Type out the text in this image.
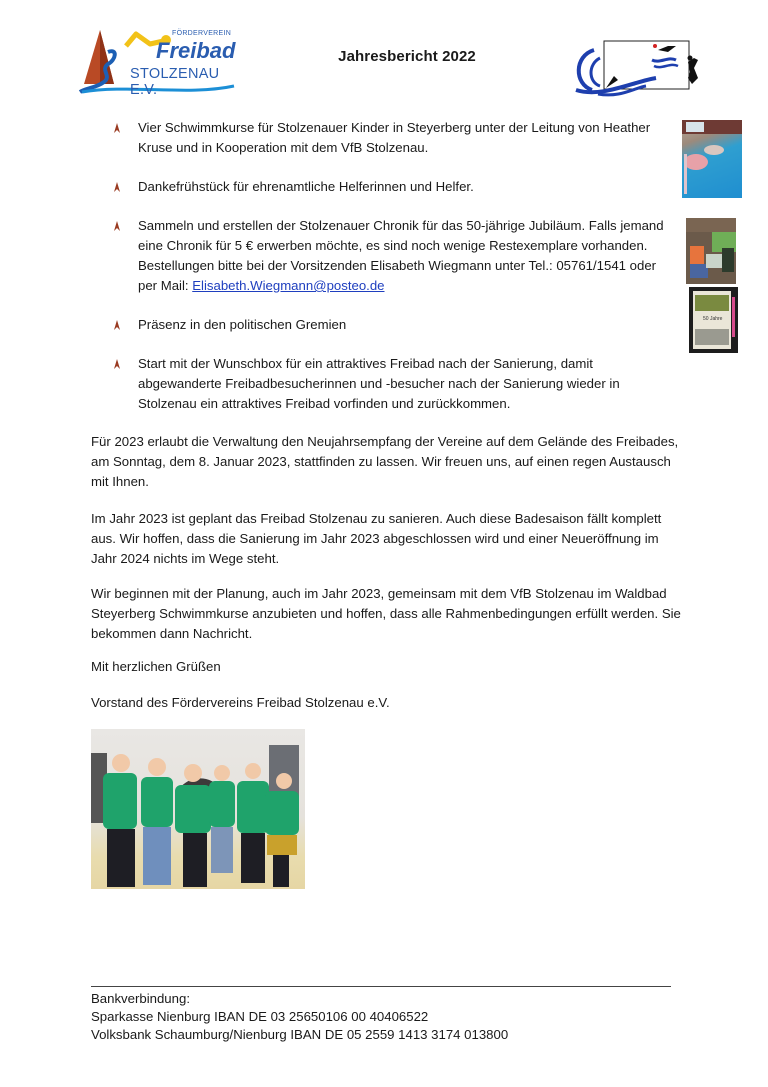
FÖRDERVEREIN
Freibad
STOLZENAU E.V.
Jahresbericht 2022
Vier Schwimmkurse für Stolzenauer Kinder in Steyerberg unter der Leitung von Heather Kruse und in Kooperation mit dem VfB Stolzenau.
Dankefrühstück für ehrenamtliche Helferinnen und Helfer.
Sammeln und erstellen der Stolzenauer Chronik für das 50-jährige Jubiläum. Falls jemand eine Chronik für 5 € erwerben möchte, es sind noch wenige Restexemplare vorhanden. Bestellungen bitte bei der Vorsitzenden Elisabeth Wiegmann unter Tel.: 05761/1541 oder per Mail: Elisabeth.Wiegmann@posteo.de
Präsenz in den politischen Gremien
Start mit der Wunschbox für ein attraktives Freibad nach der Sanierung, damit abgewanderte Freibadbesucherinnen und -besucher nach der Sanierung wieder in Stolzenau ein attraktives Freibad vorfinden und zurückkommen.
50 Jahre
Für 2023 erlaubt die Verwaltung den Neujahrsempfang der Vereine auf dem Gelände des Freibades, am Sonntag, dem 8. Januar 2023, stattfinden zu lassen. Wir freuen uns, auf einen regen Austausch mit Ihnen.
Im Jahr 2023 ist geplant das Freibad Stolzenau zu sanieren. Auch diese Badesaison fällt komplett aus. Wir hoffen, dass die Sanierung im Jahr 2023 abgeschlossen wird und einer Neueröffnung im Jahr 2024 nichts im Wege steht.
Wir beginnen mit der Planung, auch im Jahr 2023, gemeinsam mit dem VfB Stolzenau im Waldbad Steyerberg Schwimmkurse anzubieten und hoffen, dass alle Rahmenbedingungen erfüllt werden. Sie bekommen dann Nachricht.
Mit herzlichen Grüßen
Vorstand des Fördervereins Freibad Stolzenau e.V.
Bankverbindung:
Sparkasse Nienburg IBAN DE 03 25650106 00 40406522
Volksbank Schaumburg/Nienburg IBAN DE 05 2559 1413 3174 013800
